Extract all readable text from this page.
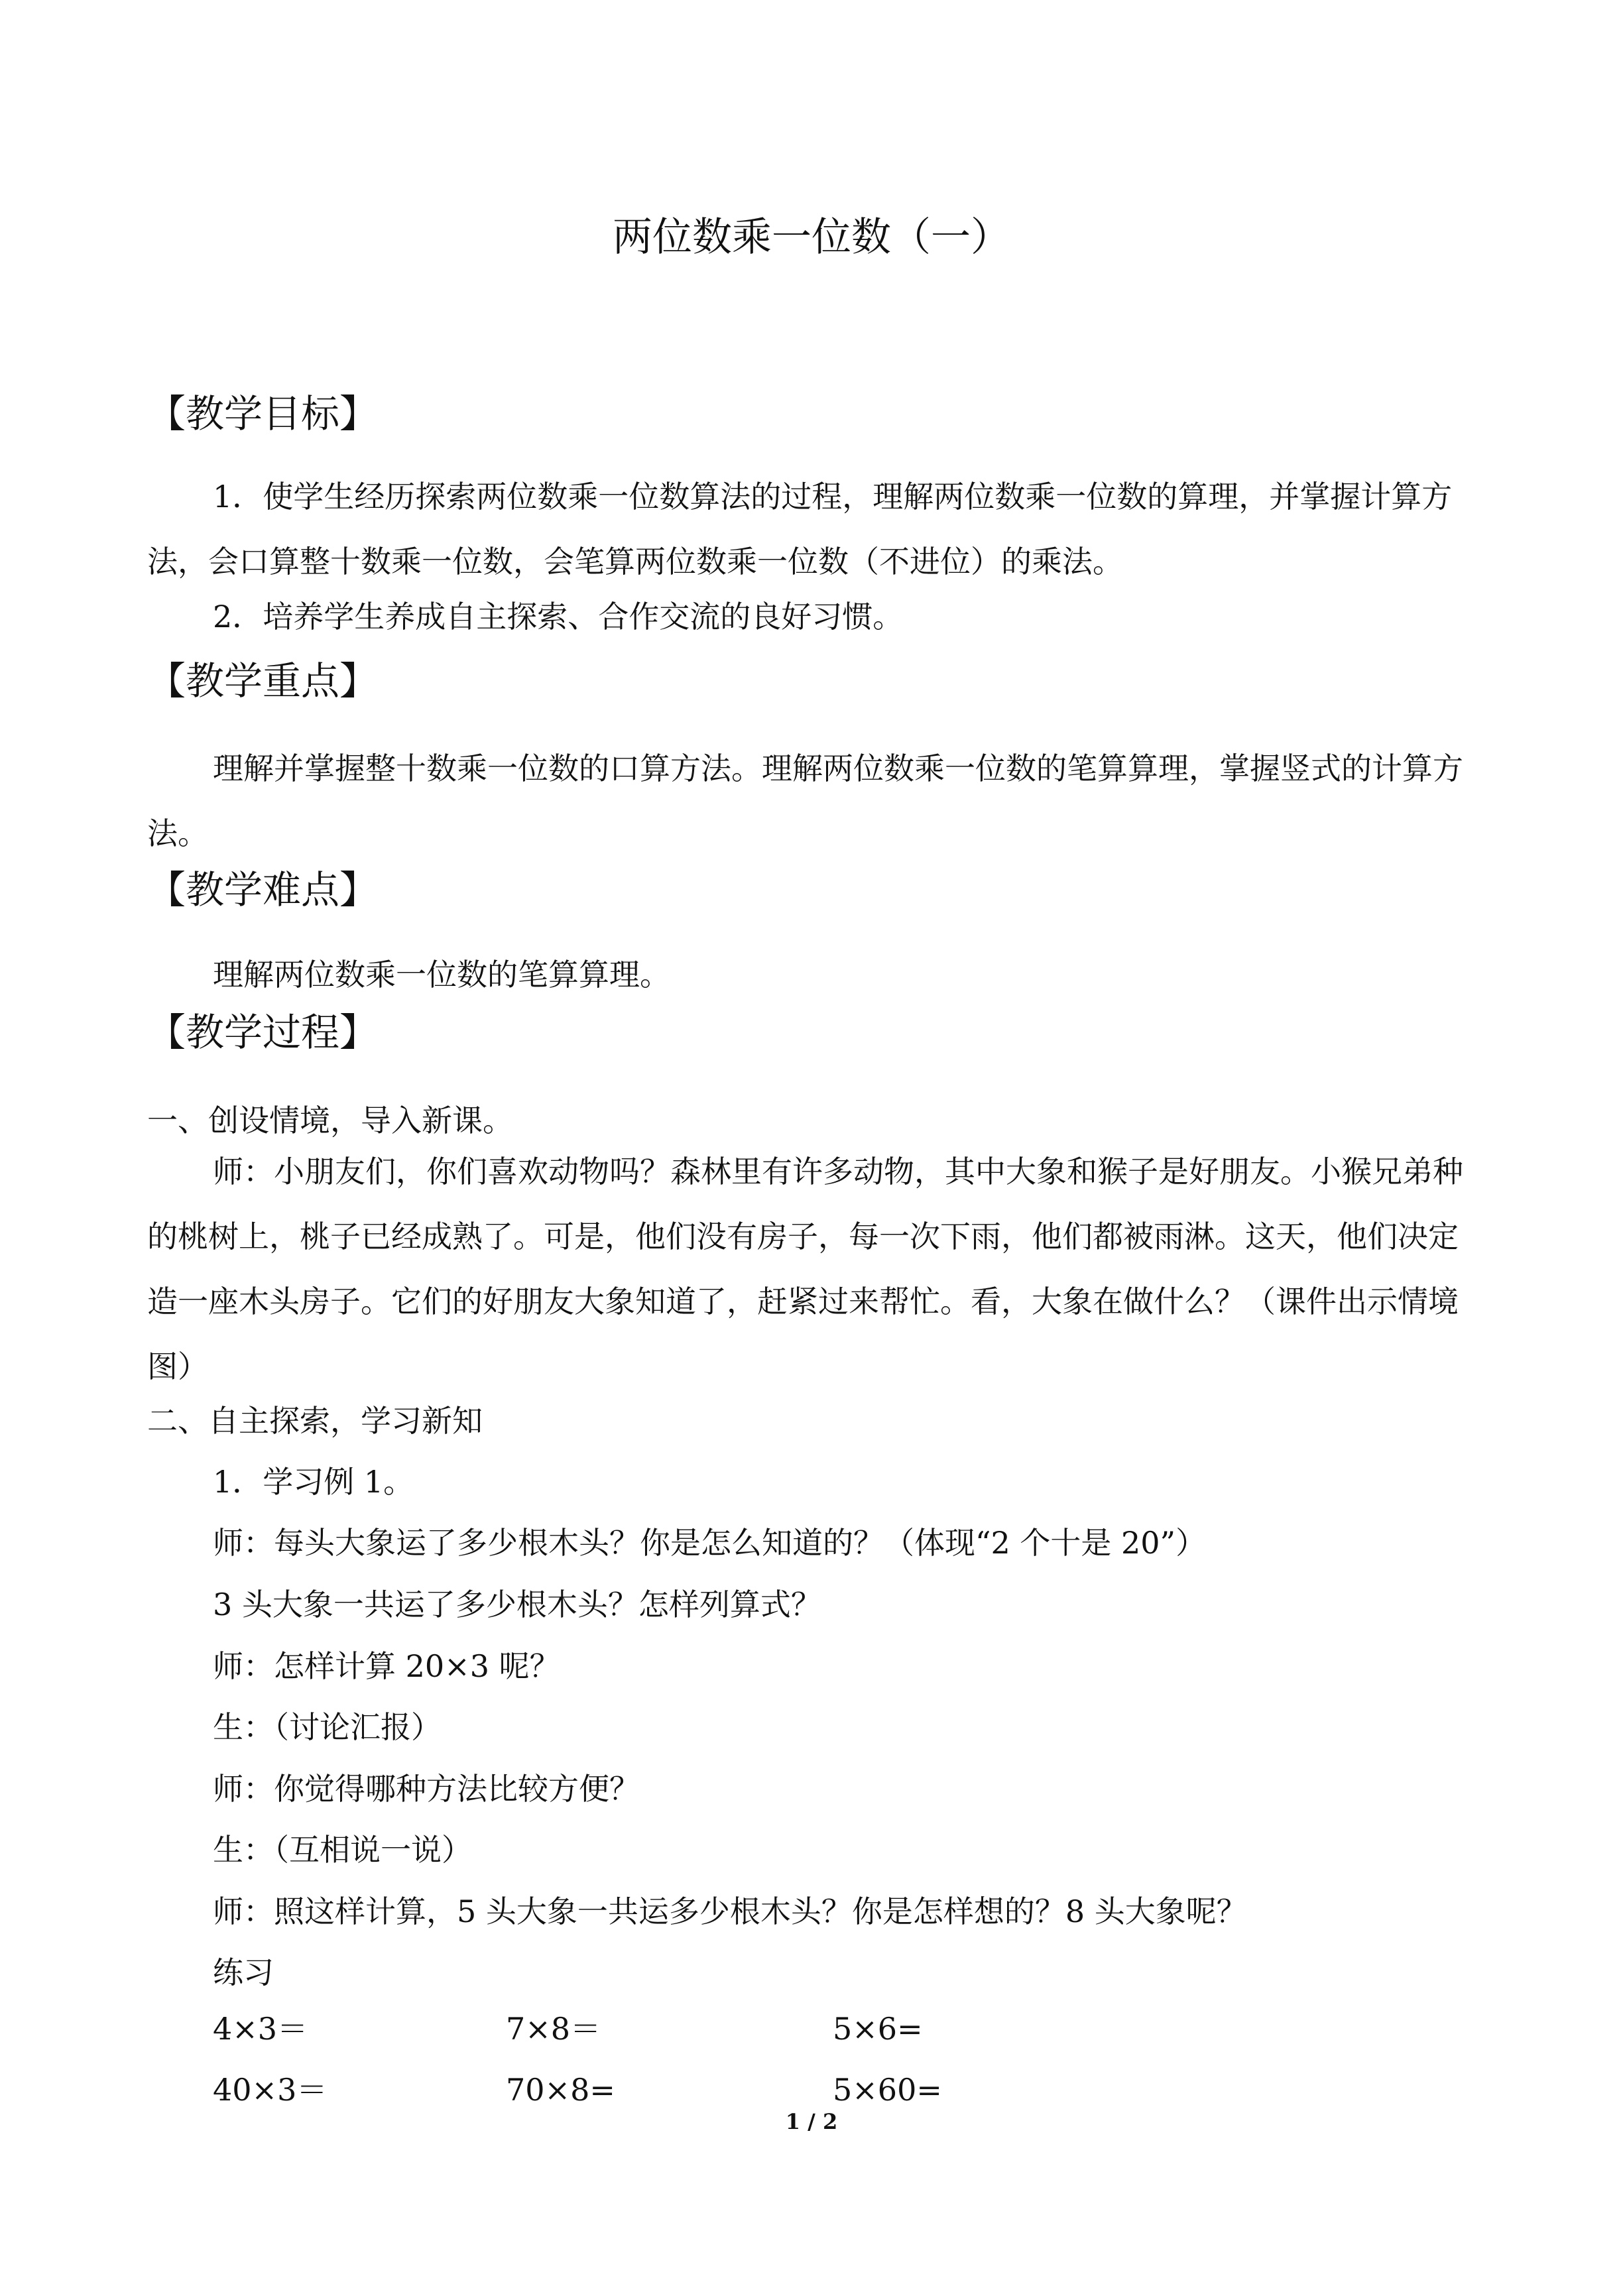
两位数乘一位数（一）
【教学目标】
1．使学生经历探索两位数乘一位数算法的过程，理解两位数乘一位数的算理，并掌握计算方法，会口算整十数乘一位数，会笔算两位数乘一位数（不进位）的乘法。
2．培养学生养成自主探索、合作交流的良好习惯。
【教学重点】
理解并掌握整十数乘一位数的口算方法。理解两位数乘一位数的笔算算理，掌握竖式的计算方法。
【教学难点】
理解两位数乘一位数的笔算算理。
【教学过程】
一、创设情境，导入新课。
师：小朋友们，你们喜欢动物吗？森林里有许多动物，其中大象和猴子是好朋友。小猴兄弟种的桃树上，桃子已经成熟了。可是，他们没有房子，每一次下雨，他们都被雨淋。这天，他们决定造一座木头房子。它们的好朋友大象知道了，赶紧过来帮忙。看，大象在做什么？（课件出示情境图）
二、自主探索，学习新知
1．学习例 1。
师：每头大象运了多少根木头？你是怎么知道的？（体现“2 个十是 20”）
3 头大象一共运了多少根木头？怎样列算式？
师：怎样计算 20×3 呢？
生：（讨论汇报）
师：你觉得哪种方法比较方便？
生：（互相说一说）
师：照这样计算，5 头大象一共运多少根木头？你是怎样想的？8 头大象呢？
练习
4×3＝	7×8＝	5×6=
40×3＝	70×8=	5×60=
1 / 2
